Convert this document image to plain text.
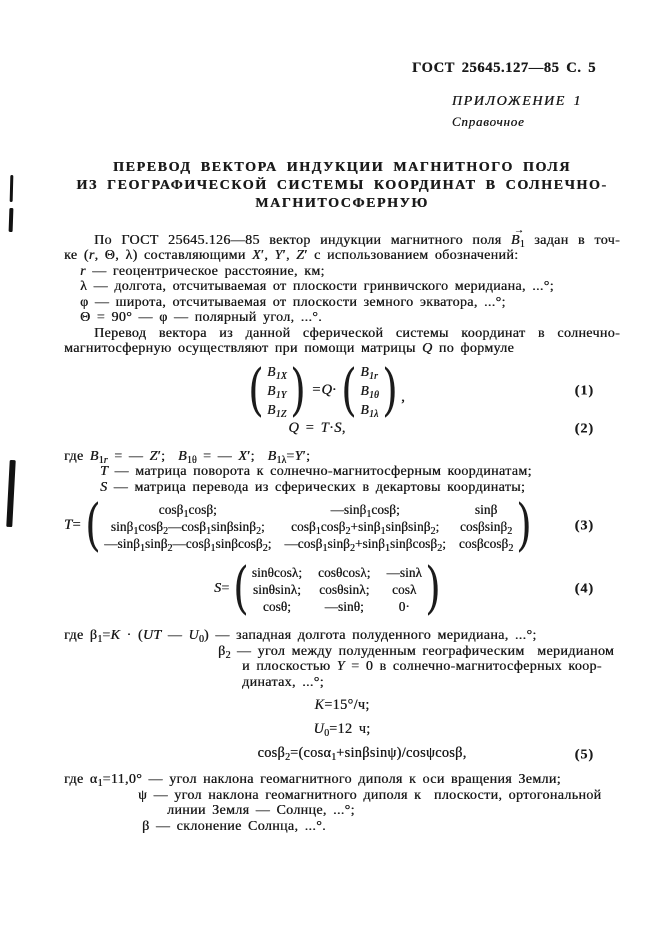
ГОСТ 25645.127—85 С. 5
ПРИЛОЖЕНИЕ 1
Справочное
ПЕРЕВОД ВЕКТОРА ИНДУКЦИИ МАГНИТНОГО ПОЛЯ
ИЗ ГЕОГРАФИЧЕСКОЙ СИСТЕМЫ КООРДИНАТ В СОЛНЕЧНО-
МАГНИТОСФЕРНУЮ
По ГОСТ 25645.126—85 вектор индукции магнитного поля
→
$B_1$ задан в точ-
ке (r, Θ, λ) составляющими X′, Y′, Z′ с использованием обозначений:
r — геоцентрическое расстояние, км;
λ — долгота, отсчитываемая от плоскости гринвичского меридиана, ...°;
φ — широта, отсчитываемая от плоскости земного экватора, ...°;
Θ = 90° — φ — полярный угол, ...°.
Перевод вектора из данной сферической системы координат в солнечно-
магнитосферную осуществляют при помощи матрицы Q по формуле
( $B_{1X}$
$B_{1Y}$
$B_{1Z}$ ) =Q· ( $B_{1r}$
$B_{1\theta}$
$B_{1\lambda}$ ) ,	(1)
Q = T·S,	(2)
где $B_{1r}$ = — Z′;  $B_{1\theta}$ = — X′;  $B_{1\lambda}=Y'$;
T — матрица поворота к солнечно-магнитосферным координатам;
S — матрица перевода из сферических в декартовы координаты;
T= (	cosβ$_1$cosβ;	—sinβ$_1$cosβ;	sinβ
sinβ$_1$cosβ$_2$—cosβ$_1$sinβsinβ$_2$;	cosβ$_1$cosβ$_2$+sinβ$_1$sinβsinβ$_2$;	cosβsinβ$_2$
—sinβ$_1$sinβ$_2$—cosβ$_1$sinβcosβ$_2$; —cosβ$_1$sinβ$_2$+sinβ$_1$sinβcosβ$_2$; cosβcosβ$_2$ )	(3)
S= ( sinθcosλ; cosθcosλ; —sinλ
sinθsinλ; cosθsinλ;	cosλ
cosθ;	—sinθ;	0· )	(4)
где $\beta_1=K \cdot (UT$ — $U_0$) — западная долгота полуденного меридиана, ...°;
$\beta_2$ — угол между полуденным географическим  меридианом
и плоскостью Y = 0 в солнечно-магнитосферных коор-
динатах, ...°;
K=15°/ч;
$U_0=12$ ч;
cosβ$_2$=(cosα$_1$+sinβsinψ)/cosψcosβ,	(5)
где $\alpha_1=11,0^\circ$ — угол наклона геомагнитного диполя к оси вращения Земли;
ψ — угол наклона геомагнитного диполя к  плоскости, ортогональной
линии Земля — Солнце, ...°;
β — склонение Солнца, ...°.
